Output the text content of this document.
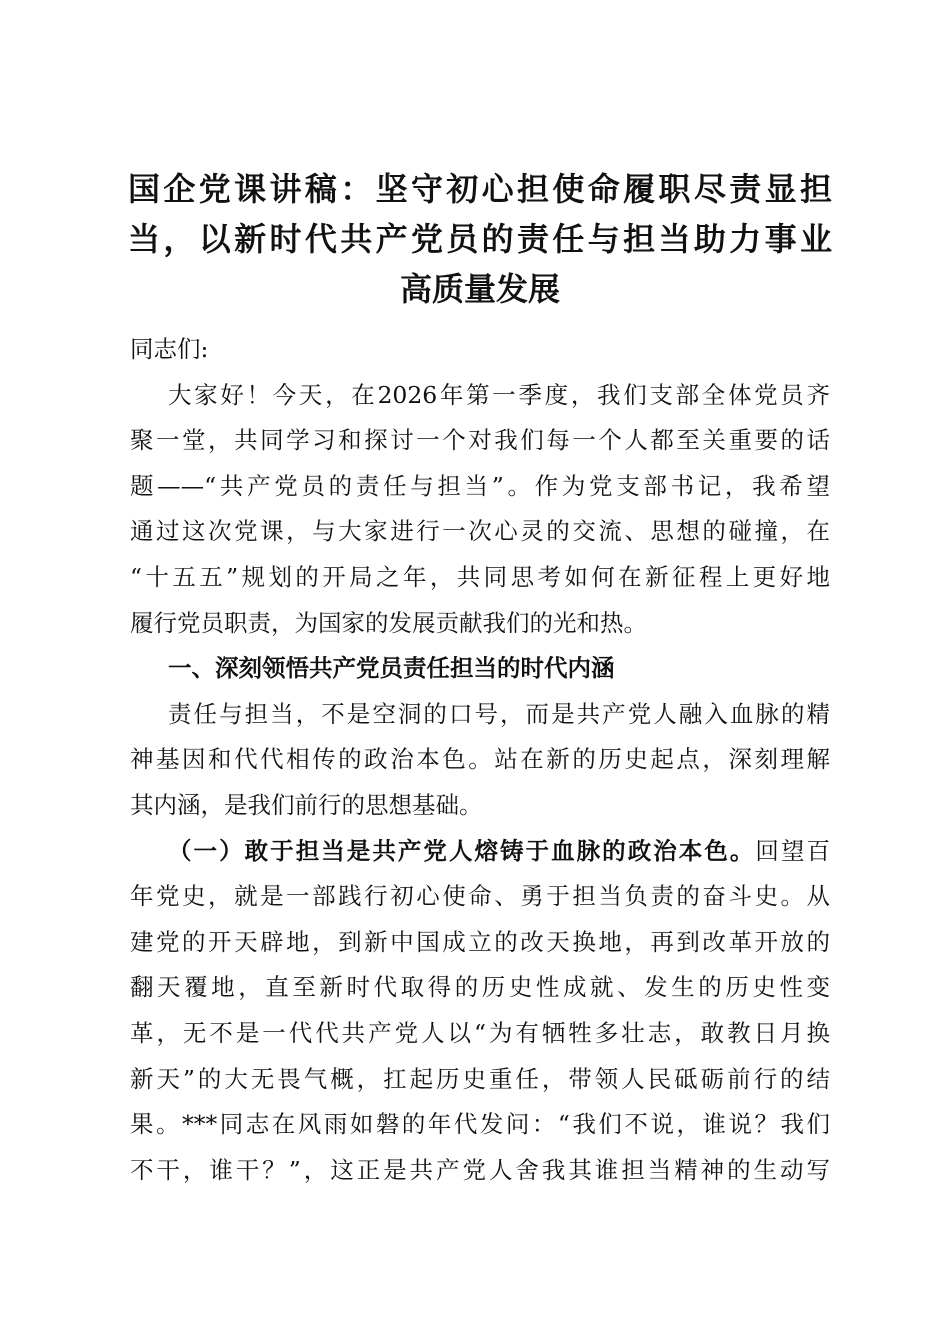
国企党课讲稿：坚守初心担使命履职尽责显担
当，以新时代共产党员的责任与担当助力事业
高质量发展
同志们:
大家好！今天，在2026年第一季度，我们支部全体党员齐
聚一堂，共同学习和探讨一个对我们每一个人都至关重要的话
题——“共产党员的责任与担当”。作为党支部书记，我希望
通过这次党课，与大家进行一次心灵的交流、思想的碰撞，在
“十五五”规划的开局之年，共同思考如何在新征程上更好地
履行党员职责，为国家的发展贡献我们的光和热。
一、深刻领悟共产党员责任担当的时代内涵
责任与担当，不是空洞的口号，而是共产党人融入血脉的精
神基因和代代相传的政治本色。站在新的历史起点，深刻理解
其内涵，是我们前行的思想基础。
（一）敢于担当是共产党人熔铸于血脉的政治本色。回望百
年党史，就是一部践行初心使命、勇于担当负责的奋斗史。从
建党的开天辟地，到新中国成立的改天换地，再到改革开放的
翻天覆地，直至新时代取得的历史性成就、发生的历史性变
革，无不是一代代共产党人以“为有牺牲多壮志，敢教日月换
新天”的大无畏气概，扛起历史重任，带领人民砥砺前行的结
果。***同志在风雨如磐的年代发问：“我们不说，谁说？我们
不干，谁干？”，这正是共产党人舍我其谁担当精神的生动写
